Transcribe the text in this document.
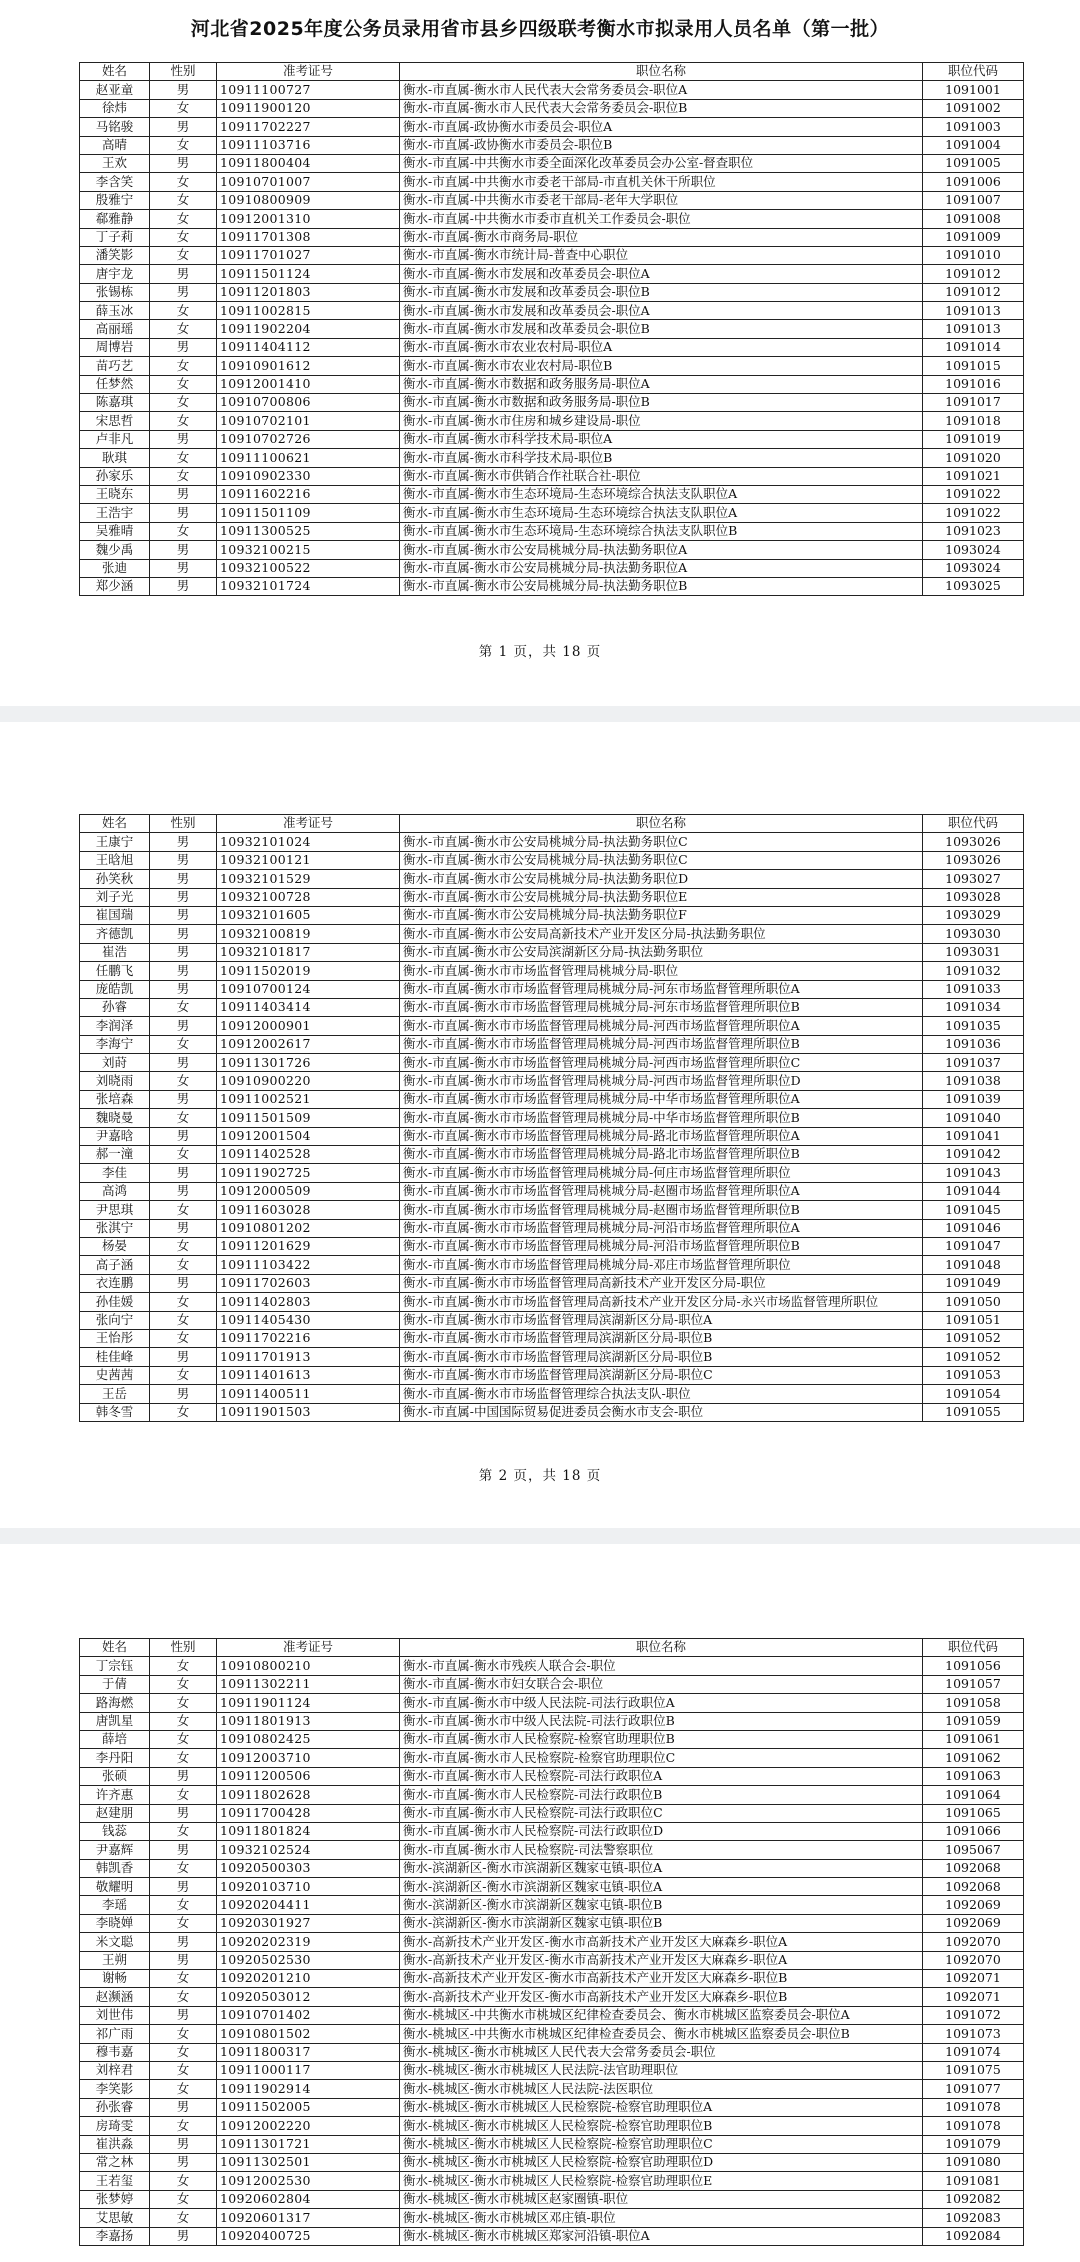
河北省2025年度公务员录用省市县乡四级联考衡水市拟录用人员名单（第一批）
姓名	性别	准考证号	职位名称	职位代码
赵亚童	男	10911100727	衡水-市直属-衡水市人民代表大会常务委员会-职位A	1091001
徐炜	女	10911900120	衡水-市直属-衡水市人民代表大会常务委员会-职位B	1091002
马铭骏	男	10911702227	衡水-市直属-政协衡水市委员会-职位A	1091003
高晴	女	10911103716	衡水-市直属-政协衡水市委员会-职位B	1091004
王欢	男	10911800404	衡水-市直属-中共衡水市委全面深化改革委员会办公室-督查职位	1091005
李含笑	女	10910701007	衡水-市直属-中共衡水市委老干部局-市直机关休干所职位	1091006
殷雅宁	女	10910800909	衡水-市直属-中共衡水市委老干部局-老年大学职位	1091007
郗雅静	女	10912001310	衡水-市直属-中共衡水市委市直机关工作委员会-职位	1091008
丁子莉	女	10911701308	衡水-市直属-衡水市商务局-职位	1091009
潘笑影	女	10911701027	衡水-市直属-衡水市统计局-普查中心职位	1091010
唐宇龙	男	10911501124	衡水-市直属-衡水市发展和改革委员会-职位A	1091012
张锡栋	男	10911201803	衡水-市直属-衡水市发展和改革委员会-职位B	1091012
薛玉冰	女	10911002815	衡水-市直属-衡水市发展和改革委员会-职位A	1091013
高丽瑶	女	10911902204	衡水-市直属-衡水市发展和改革委员会-职位B	1091013
周博岩	男	10911404112	衡水-市直属-衡水市农业农村局-职位A	1091014
苗巧艺	女	10910901612	衡水-市直属-衡水市农业农村局-职位B	1091015
任梦然	女	10912001410	衡水-市直属-衡水市数据和政务服务局-职位A	1091016
陈嘉琪	女	10910700806	衡水-市直属-衡水市数据和政务服务局-职位B	1091017
宋思哲	女	10910702101	衡水-市直属-衡水市住房和城乡建设局-职位	1091018
卢非凡	男	10910702726	衡水-市直属-衡水市科学技术局-职位A	1091019
耿琪	女	10911100621	衡水-市直属-衡水市科学技术局-职位B	1091020
孙家乐	女	10910902330	衡水-市直属-衡水市供销合作社联合社-职位	1091021
王晓东	男	10911602216	衡水-市直属-衡水市生态环境局-生态环境综合执法支队职位A	1091022
王浩宇	男	10911501109	衡水-市直属-衡水市生态环境局-生态环境综合执法支队职位A	1091022
吴雅晴	女	10911300525	衡水-市直属-衡水市生态环境局-生态环境综合执法支队职位B	1091023
魏少禹	男	10932100215	衡水-市直属-衡水市公安局桃城分局-执法勤务职位A	1093024
张迪	男	10932100522	衡水-市直属-衡水市公安局桃城分局-执法勤务职位A	1093024
郑少涵	男	10932101724	衡水-市直属-衡水市公安局桃城分局-执法勤务职位B	1093025
第 1 页，共 18 页
姓名	性别	准考证号	职位名称	职位代码
王康宁	男	10932101024	衡水-市直属-衡水市公安局桃城分局-执法勤务职位C	1093026
王晗旭	男	10932100121	衡水-市直属-衡水市公安局桃城分局-执法勤务职位C	1093026
孙笑秋	男	10932101529	衡水-市直属-衡水市公安局桃城分局-执法勤务职位D	1093027
刘子光	男	10932100728	衡水-市直属-衡水市公安局桃城分局-执法勤务职位E	1093028
崔国瑞	男	10932101605	衡水-市直属-衡水市公安局桃城分局-执法勤务职位F	1093029
齐德凯	男	10932100819	衡水-市直属-衡水市公安局高新技术产业开发区分局-执法勤务职位	1093030
崔浩	男	10932101817	衡水-市直属-衡水市公安局滨湖新区分局-执法勤务职位	1093031
任鹏飞	男	10911502019	衡水-市直属-衡水市市场监督管理局桃城分局-职位	1091032
庞皓凯	男	10910700124	衡水-市直属-衡水市市场监督管理局桃城分局-河东市场监督管理所职位A	1091033
孙睿	女	10911403414	衡水-市直属-衡水市市场监督管理局桃城分局-河东市场监督管理所职位B	1091034
李润泽	男	10912000901	衡水-市直属-衡水市市场监督管理局桃城分局-河西市场监督管理所职位A	1091035
李海宁	女	10912002617	衡水-市直属-衡水市市场监督管理局桃城分局-河西市场监督管理所职位B	1091036
刘莳	男	10911301726	衡水-市直属-衡水市市场监督管理局桃城分局-河西市场监督管理所职位C	1091037
刘晓雨	女	10910900220	衡水-市直属-衡水市市场监督管理局桃城分局-河西市场监督管理所职位D	1091038
张培森	男	10911002521	衡水-市直属-衡水市市场监督管理局桃城分局-中华市场监督管理所职位A	1091039
魏晓曼	女	10911501509	衡水-市直属-衡水市市场监督管理局桃城分局-中华市场监督管理所职位B	1091040
尹嘉晗	男	10912001504	衡水-市直属-衡水市市场监督管理局桃城分局-路北市场监督管理所职位A	1091041
郝一潼	女	10911402528	衡水-市直属-衡水市市场监督管理局桃城分局-路北市场监督管理所职位B	1091042
李佳	男	10911902725	衡水-市直属-衡水市市场监督管理局桃城分局-何庄市场监督管理所职位	1091043
高鸿	男	10912000509	衡水-市直属-衡水市市场监督管理局桃城分局-赵圈市场监督管理所职位A	1091044
尹思琪	女	10911603028	衡水-市直属-衡水市市场监督管理局桃城分局-赵圈市场监督管理所职位B	1091045
张淇宁	男	10910801202	衡水-市直属-衡水市市场监督管理局桃城分局-河沿市场监督管理所职位A	1091046
杨晏	女	10911201629	衡水-市直属-衡水市市场监督管理局桃城分局-河沿市场监督管理所职位B	1091047
高子涵	女	10911103422	衡水-市直属-衡水市市场监督管理局桃城分局-邓庄市场监督管理所职位	1091048
衣连鹏	男	10911702603	衡水-市直属-衡水市市场监督管理局高新技术产业开发区分局-职位	1091049
孙佳媛	女	10911402803	衡水-市直属-衡水市市场监督管理局高新技术产业开发区分局-永兴市场监督管理所职位	1091050
张向宁	女	10911405430	衡水-市直属-衡水市市场监督管理局滨湖新区分局-职位A	1091051
王怡彤	女	10911702216	衡水-市直属-衡水市市场监督管理局滨湖新区分局-职位B	1091052
桂佳峰	男	10911701913	衡水-市直属-衡水市市场监督管理局滨湖新区分局-职位B	1091052
史茜茜	女	10911401613	衡水-市直属-衡水市市场监督管理局滨湖新区分局-职位C	1091053
王岳	男	10911400511	衡水-市直属-衡水市市场监督管理综合执法支队-职位	1091054
韩冬雪	女	10911901503	衡水-市直属-中国国际贸易促进委员会衡水市支会-职位	1091055
第 2 页，共 18 页
姓名	性别	准考证号	职位名称	职位代码
丁宗钰	女	10910800210	衡水-市直属-衡水市残疾人联合会-职位	1091056
于倩	女	10911302211	衡水-市直属-衡水市妇女联合会-职位	1091057
路海燃	女	10911901124	衡水-市直属-衡水市中级人民法院-司法行政职位A	1091058
唐凯星	女	10911801913	衡水-市直属-衡水市中级人民法院-司法行政职位B	1091059
薛培	女	10910802425	衡水-市直属-衡水市人民检察院-检察官助理职位B	1091061
李丹阳	女	10912003710	衡水-市直属-衡水市人民检察院-检察官助理职位C	1091062
张硕	男	10911200506	衡水-市直属-衡水市人民检察院-司法行政职位A	1091063
许齐惠	女	10911802628	衡水-市直属-衡水市人民检察院-司法行政职位B	1091064
赵建朋	男	10911700428	衡水-市直属-衡水市人民检察院-司法行政职位C	1091065
钱蕊	女	10911801824	衡水-市直属-衡水市人民检察院-司法行政职位D	1091066
尹嘉辉	男	10932102524	衡水-市直属-衡水市人民检察院-司法警察职位	1095067
韩凯香	女	10920500303	衡水-滨湖新区-衡水市滨湖新区魏家屯镇-职位A	1092068
敬耀明	男	10920103710	衡水-滨湖新区-衡水市滨湖新区魏家屯镇-职位A	1092068
李瑶	女	10920204411	衡水-滨湖新区-衡水市滨湖新区魏家屯镇-职位B	1092069
李晓婵	女	10920301927	衡水-滨湖新区-衡水市滨湖新区魏家屯镇-职位B	1092069
米文聪	男	10920202319	衡水-高新技术产业开发区-衡水市高新技术产业开发区大麻森乡-职位A	1092070
王朔	男	10920502530	衡水-高新技术产业开发区-衡水市高新技术产业开发区大麻森乡-职位A	1092070
谢畅	女	10920201210	衡水-高新技术产业开发区-衡水市高新技术产业开发区大麻森乡-职位B	1092071
赵濒涵	女	10920503012	衡水-高新技术产业开发区-衡水市高新技术产业开发区大麻森乡-职位B	1092071
刘世伟	男	10910701402	衡水-桃城区-中共衡水市桃城区纪律检查委员会、衡水市桃城区监察委员会-职位A	1091072
祁广雨	女	10910801502	衡水-桃城区-中共衡水市桃城区纪律检查委员会、衡水市桃城区监察委员会-职位B	1091073
穆韦嘉	女	10911800317	衡水-桃城区-衡水市桃城区人民代表大会常务委员会-职位	1091074
刘梓君	女	10911000117	衡水-桃城区-衡水市桃城区人民法院-法官助理职位	1091075
李笑影	女	10911902914	衡水-桃城区-衡水市桃城区人民法院-法医职位	1091077
孙张睿	男	10911502005	衡水-桃城区-衡水市桃城区人民检察院-检察官助理职位A	1091078
房琦雯	女	10912002220	衡水-桃城区-衡水市桃城区人民检察院-检察官助理职位B	1091078
崔洪淼	男	10911301721	衡水-桃城区-衡水市桃城区人民检察院-检察官助理职位C	1091079
常之林	男	10911302501	衡水-桃城区-衡水市桃城区人民检察院-检察官助理职位D	1091080
王若玺	女	10912002530	衡水-桃城区-衡水市桃城区人民检察院-检察官助理职位E	1091081
张梦婷	女	10920602804	衡水-桃城区-衡水市桃城区赵家圈镇-职位	1092082
艾思敏	女	10920601317	衡水-桃城区-衡水市桃城区邓庄镇-职位	1092083
李嘉扬	男	10920400725	衡水-桃城区-衡水市桃城区郑家河沿镇-职位A	1092084
